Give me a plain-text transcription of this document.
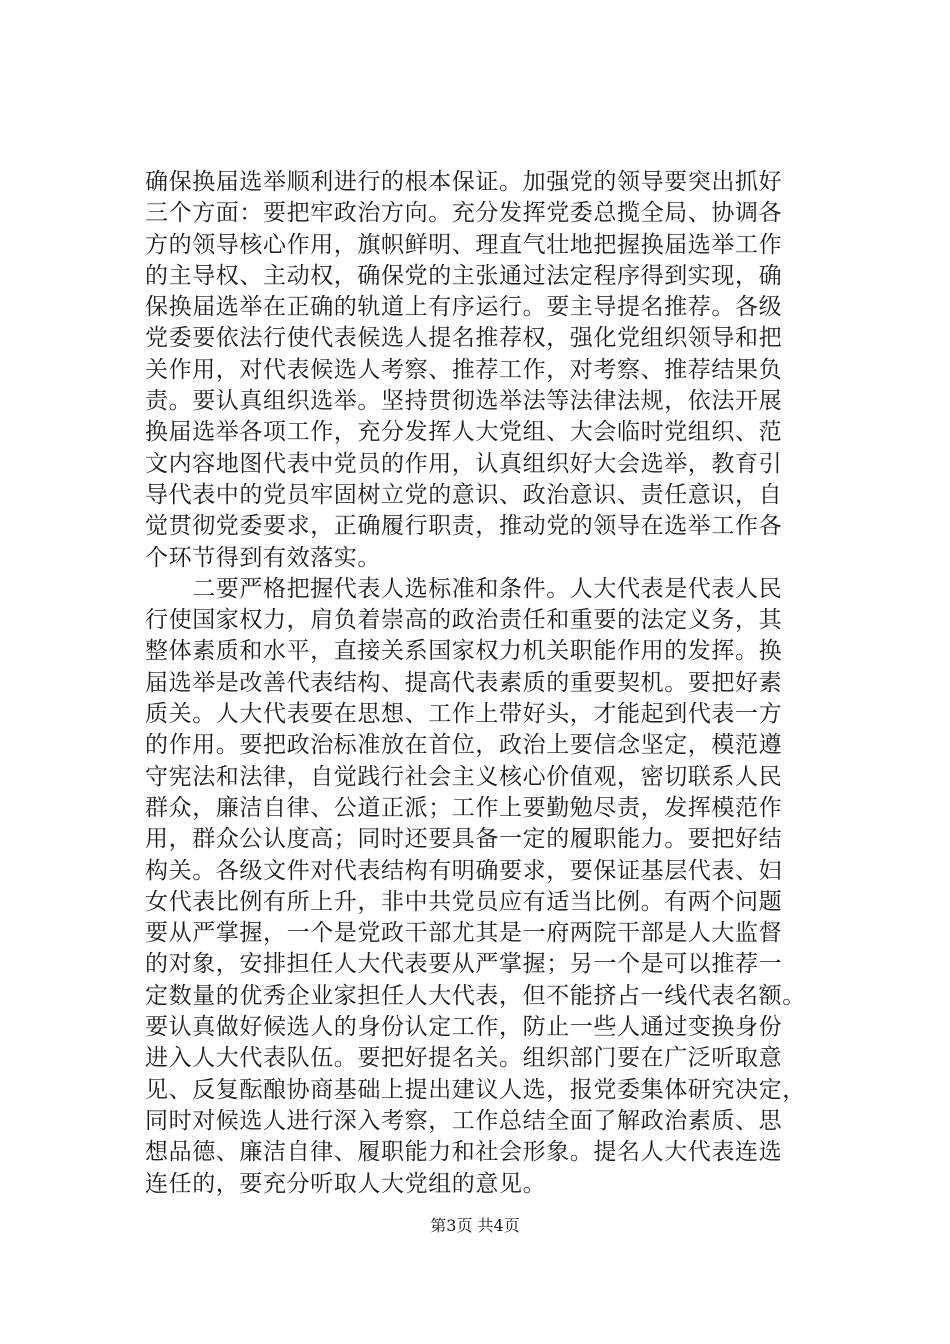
确保换届选举顺利进行的根本保证。加强党的领导要突出抓好
三个方面：要把牢政治方向。充分发挥党委总揽全局、协调各
方的领导核心作用，旗帜鲜明、理直气壮地把握换届选举工作
的主导权、主动权，确保党的主张通过法定程序得到实现，确
保换届选举在正确的轨道上有序运行。要主导提名推荐。各级
党委要依法行使代表候选人提名推荐权，强化党组织领导和把
关作用，对代表候选人考察、推荐工作，对考察、推荐结果负
责。要认真组织选举。坚持贯彻选举法等法律法规，依法开展
换届选举各项工作，充分发挥人大党组、大会临时党组织、范
文内容地图代表中党员的作用，认真组织好大会选举，教育引
导代表中的党员牢固树立党的意识、政治意识、责任意识，自
觉贯彻党委要求，正确履行职责，推动党的领导在选举工作各
个环节得到有效落实。
　　二要严格把握代表人选标准和条件。人大代表是代表人民
行使国家权力，肩负着崇高的政治责任和重要的法定义务，其
整体素质和水平，直接关系国家权力机关职能作用的发挥。换
届选举是改善代表结构、提高代表素质的重要契机。要把好素
质关。人大代表要在思想、工作上带好头，才能起到代表一方
的作用。要把政治标准放在首位，政治上要信念坚定，模范遵
守宪法和法律，自觉践行社会主义核心价值观，密切联系人民
群众，廉洁自律、公道正派；工作上要勤勉尽责，发挥模范作
用，群众公认度高；同时还要具备一定的履职能力。要把好结
构关。各级文件对代表结构有明确要求，要保证基层代表、妇
女代表比例有所上升，非中共党员应有适当比例。有两个问题
要从严掌握，一个是党政干部尤其是一府两院干部是人大监督
的对象，安排担任人大代表要从严掌握；另一个是可以推荐一
定数量的优秀企业家担任人大代表，但不能挤占一线代表名额。
要认真做好候选人的身份认定工作，防止一些人通过变换身份
进入人大代表队伍。要把好提名关。组织部门要在广泛听取意
见、反复酝酿协商基础上提出建议人选，报党委集体研究决定，
同时对候选人进行深入考察，工作总结全面了解政治素质、思
想品德、廉洁自律、履职能力和社会形象。提名人大代表连选
连任的，要充分听取人大党组的意见。
第3页 共4页
